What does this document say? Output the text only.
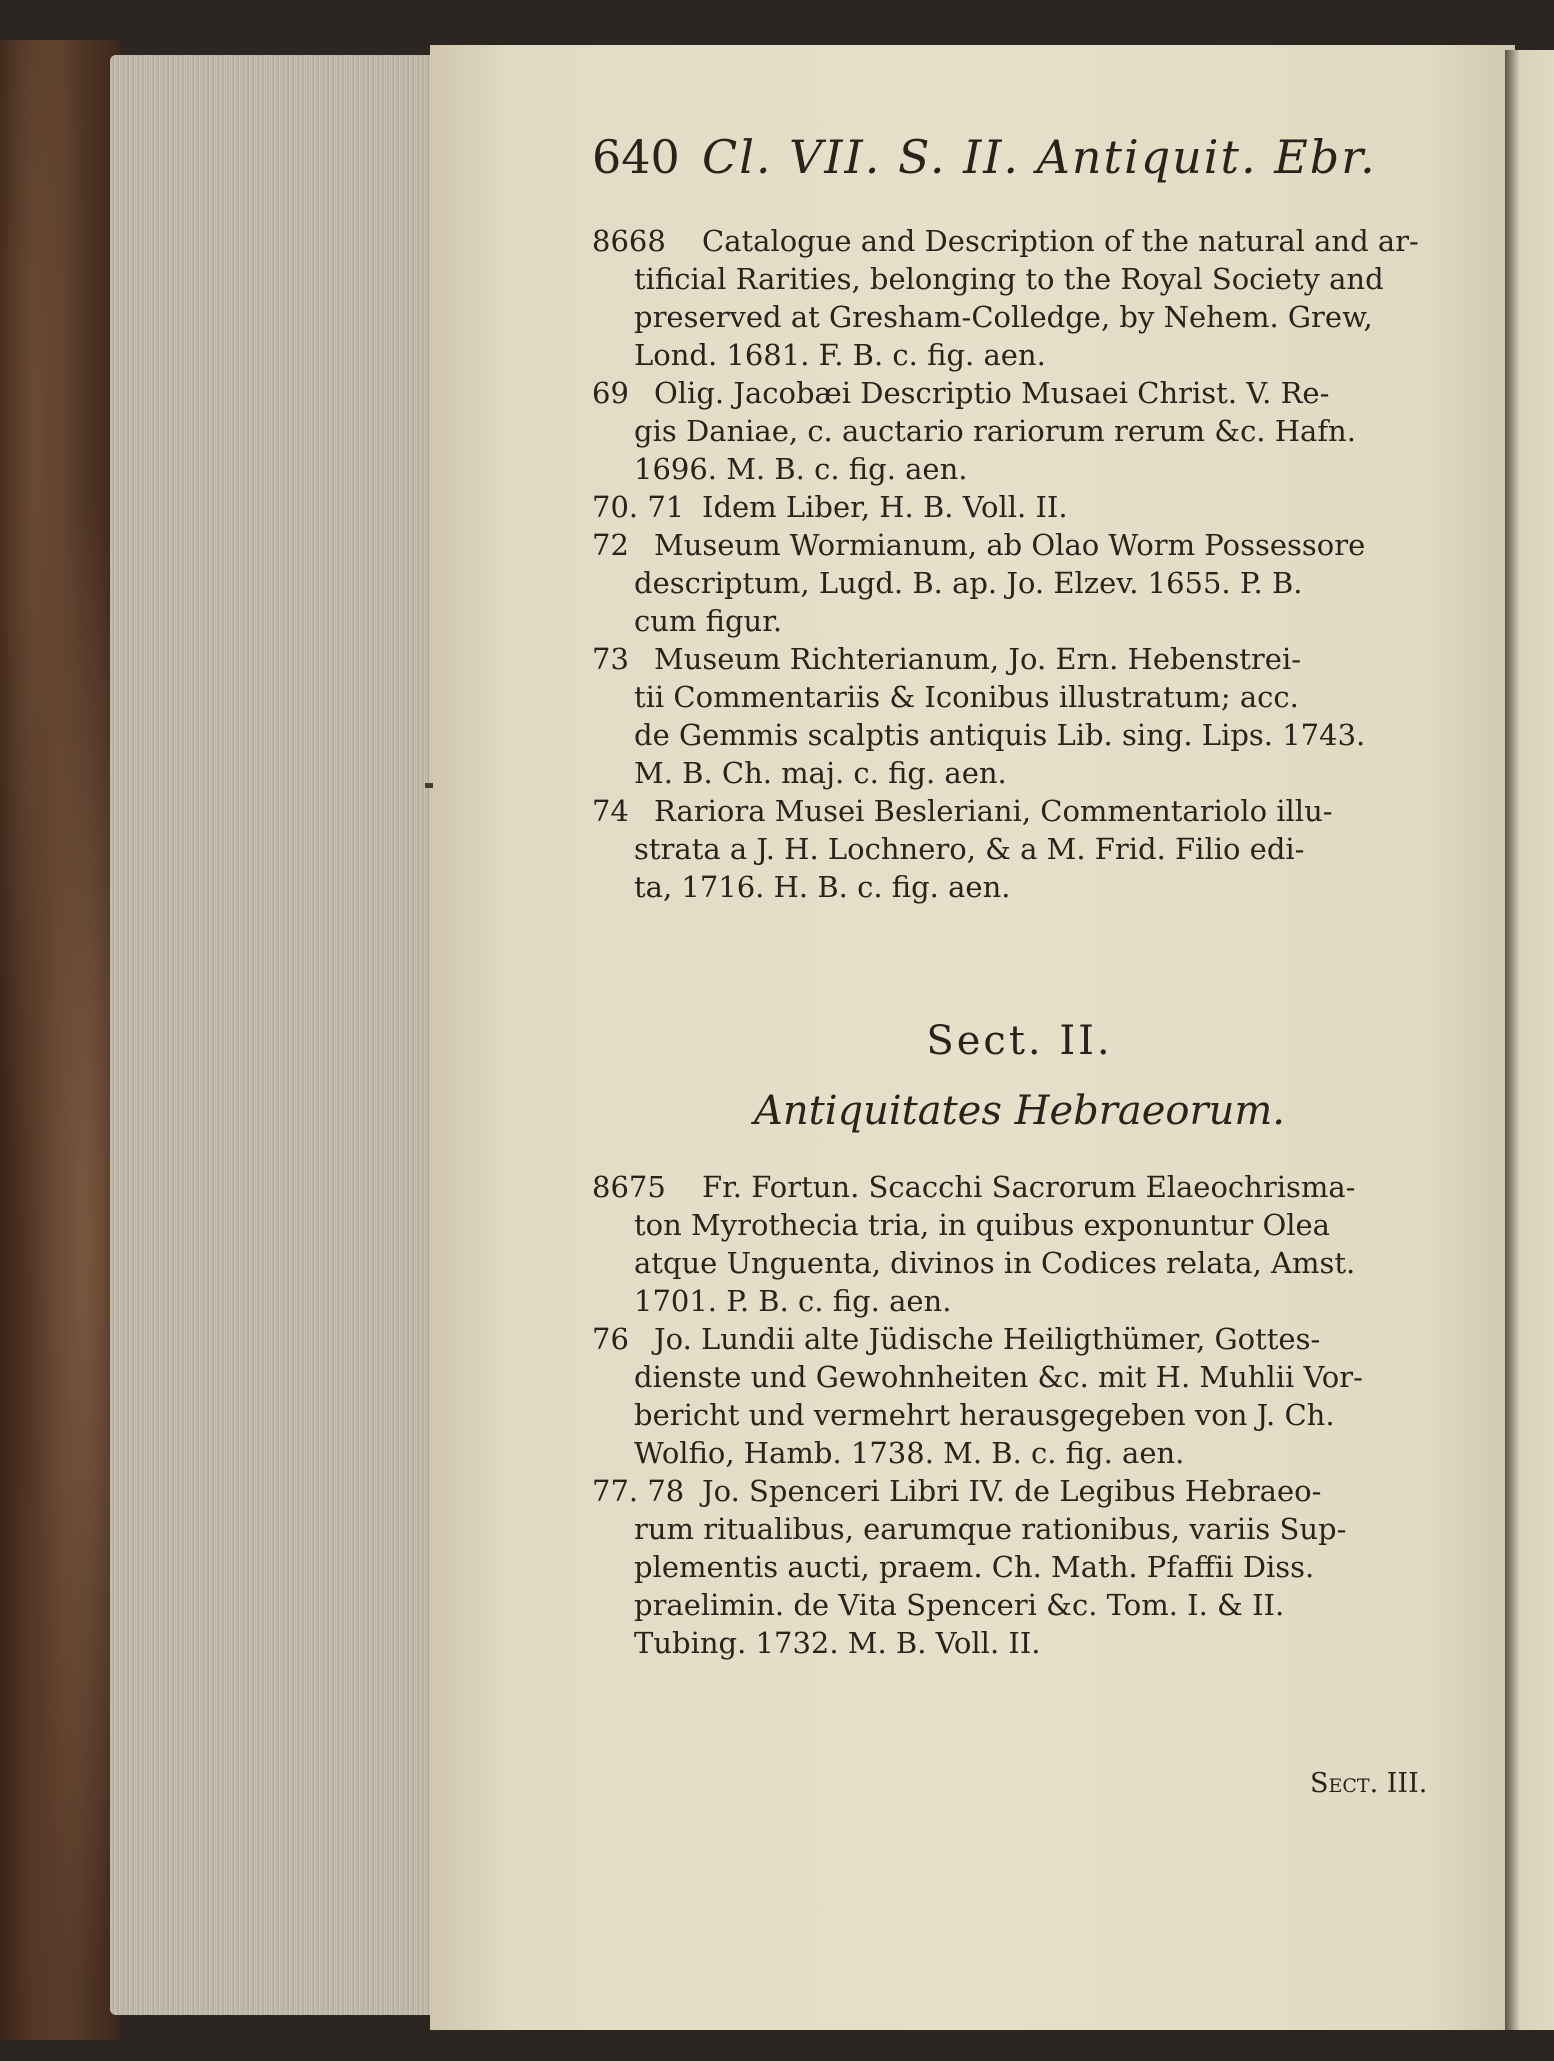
640 Cl. VII. S. II. Antiquit. Ebr.
8668	Catalogue and Description of the natural and ar-
tificial Rarities, belonging to the Royal Society and
preserved at Gresham-Colledge, by Nehem. Grew,
Lond. 1681. F. B. c. fig. aen.
69 Olig. Jacobæi Descriptio Musaei Christ. V. Re-
gis Daniae, c. auctario rariorum rerum &c. Hafn.
1696. M. B. c. fig. aen.
70. 71 Idem Liber, H. B. Voll. II.
72 Museum Wormianum, ab Olao Worm Possessore
descriptum, Lugd. B. ap. Jo. Elzev. 1655. P. B.
cum figur.
73 Museum Richterianum, Jo. Ern. Hebenstrei-
tii Commentariis & Iconibus illustratum; acc.
de Gemmis scalptis antiquis Lib. sing. Lips. 1743.
M. B. Ch. maj. c. fig. aen.
74 Rariora Musei Besleriani, Commentariolo illu-
strata a J. H. Lochnero, & a M. Frid. Filio edi-
ta, 1716. H. B. c. fig. aen.
Sect. II.
Antiquitates Hebraeorum.
8675	Fr. Fortun. Scacchi Sacrorum Elaeochrisma-
ton Myrothecia tria, in quibus exponuntur Olea
atque Unguenta, divinos in Codices relata, Amst.
1701. P. B. c. fig. aen.
76 Jo. Lundii alte Jüdische Heiligthümer, Gottes-
dienste und Gewohnheiten &c. mit H. Muhlii Vor-
bericht und vermehrt herausgegeben von J. Ch.
Wolfio, Hamb. 1738. M. B. c. fig. aen.
77. 78 Jo. Spenceri Libri IV. de Legibus Hebraeo-
rum ritualibus, earumque rationibus, variis Sup-
plementis aucti, praem. Ch. Math. Pfaffii Diss.
praelimin. de Vita Spenceri &c. Tom. I. & II.
Tubing. 1732. M. B. Voll. II.
Sect. III.
